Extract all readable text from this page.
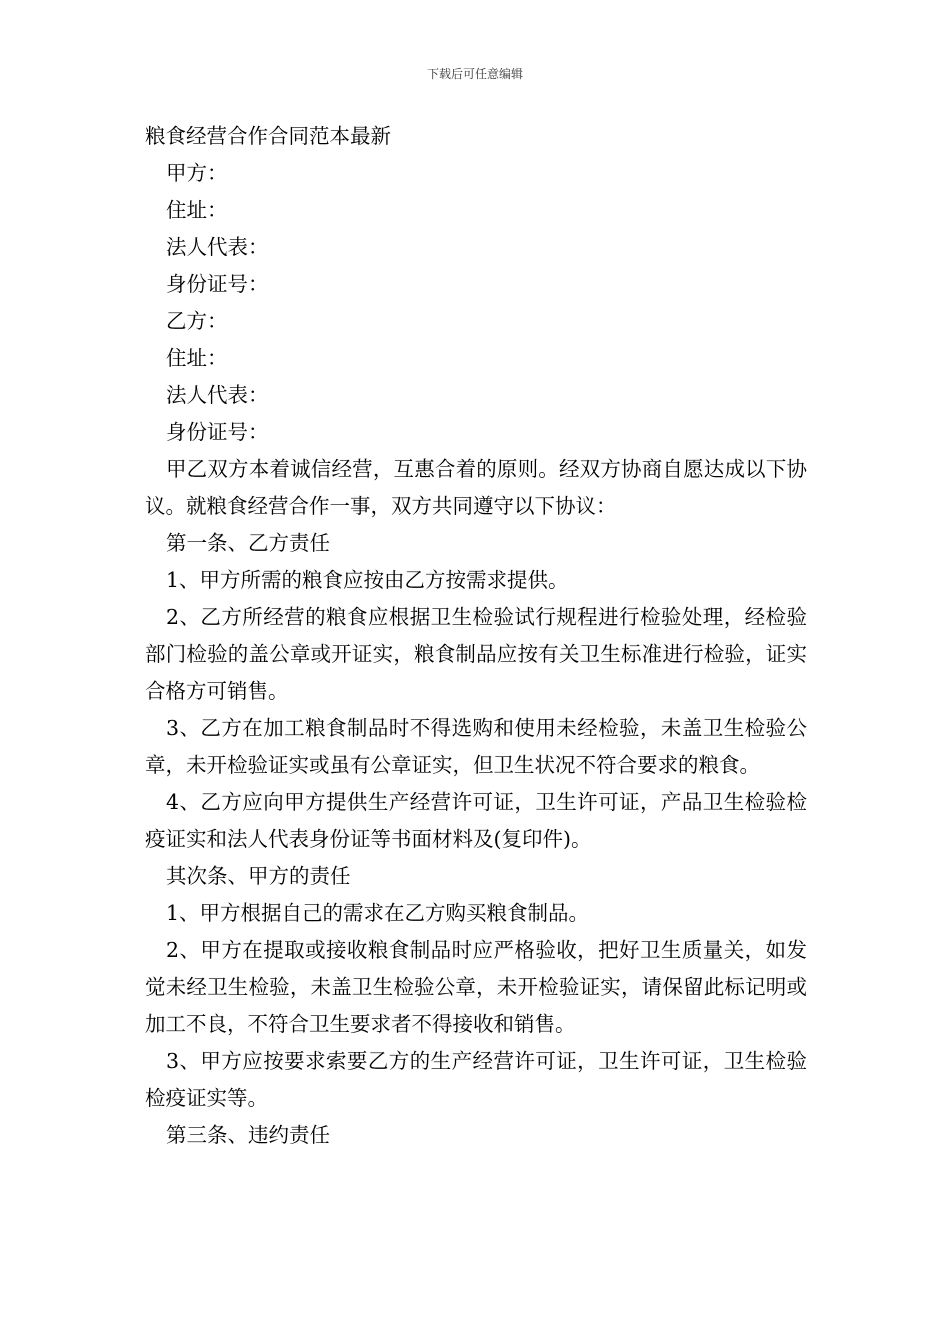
下载后可任意编辑
粮食经营合作合同范本最新
甲方：
住址：
法人代表：
身份证号：
乙方：
住址：
法人代表：
身份证号：

甲乙双方本着诚信经营，互惠合着的原则。经双方协商自愿达成以下协议。就粮食经营合作一事，双方共同遵守以下协议：

第一条、乙方责任

1、甲方所需的粮食应按由乙方按需求提供。

2、乙方所经营的粮食应根据卫生检验试行规程进行检验处理，经检验部门检验的盖公章或开证实，粮食制品应按有关卫生标准进行检验，证实合格方可销售。

3、乙方在加工粮食制品时不得选购和使用未经检验，未盖卫生检验公章，未开检验证实或虽有公章证实，但卫生状况不符合要求的粮食。

4、乙方应向甲方提供生产经营许可证，卫生许可证，产品卫生检验检疫证实和法人代表身份证等书面材料及(复印件)。

其次条、甲方的责任

1、甲方根据自己的需求在乙方购买粮食制品。

2、甲方在提取或接收粮食制品时应严格验收，把好卫生质量关，如发觉未经卫生检验，未盖卫生检验公章，未开检验证实，请保留此标记明或加工不良，不符合卫生要求者不得接收和销售。

3、甲方应按要求索要乙方的生产经营许可证，卫生许可证，卫生检验检疫证实等。

第三条、违约责任
